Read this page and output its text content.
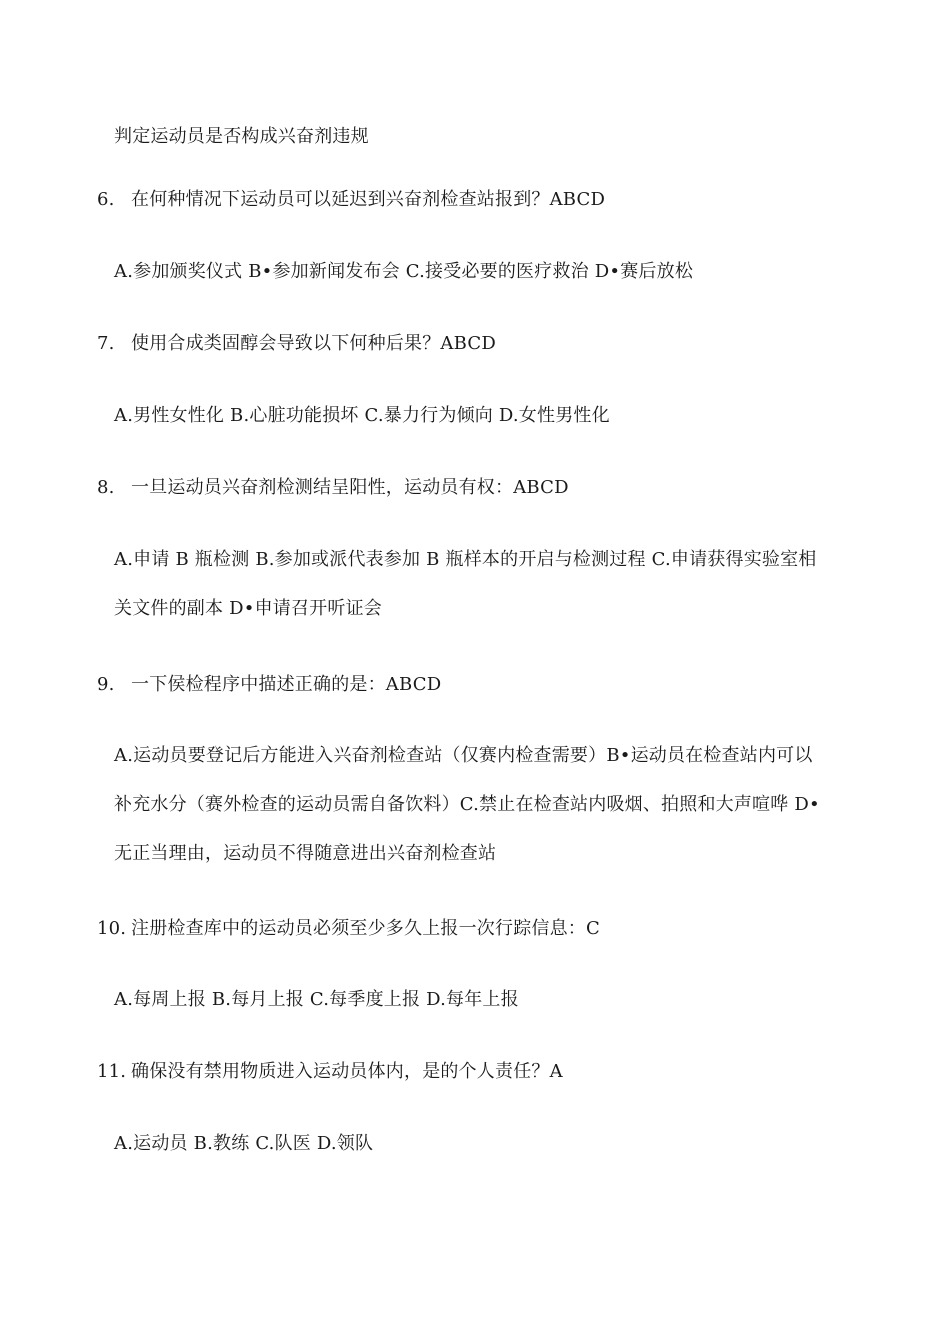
判定运动员是否构成兴奋剂违规
6. 在何种情况下运动员可以延迟到兴奋剂检查站报到？ABCD
A.参加颁奖仪式 B•参加新闻发布会 C.接受必要的医疗救治 D•赛后放松
7. 使用合成类固醇会导致以下何种后果？ABCD
A.男性女性化 B.心脏功能损坏 C.暴力行为倾向 D.女性男性化
8. 一旦运动员兴奋剂检测结呈阳性，运动员有权：ABCD
A.申请 B 瓶检测 B.参加或派代表参加 B 瓶样本的开启与检测过程 C.申请获得实验室相
关文件的副本 D•申请召开听证会
9. 一下侯检程序中描述正确的是：ABCD
A.运动员要登记后方能进入兴奋剂检查站（仅赛内检查需要）B•运动员在检查站内可以
补充水分（赛外检查的运动员需自备饮料）C.禁止在检查站内吸烟、拍照和大声喧哗 D•
无正当理由，运动员不得随意进出兴奋剂检查站
10. 注册检查库中的运动员必须至少多久上报一次行踪信息：C
A.每周上报 B.每月上报 C.每季度上报 D.每年上报
11. 确保没有禁用物质进入运动员体内，是的个人责任？A
A.运动员 B.教练 C.队医 D.领队
